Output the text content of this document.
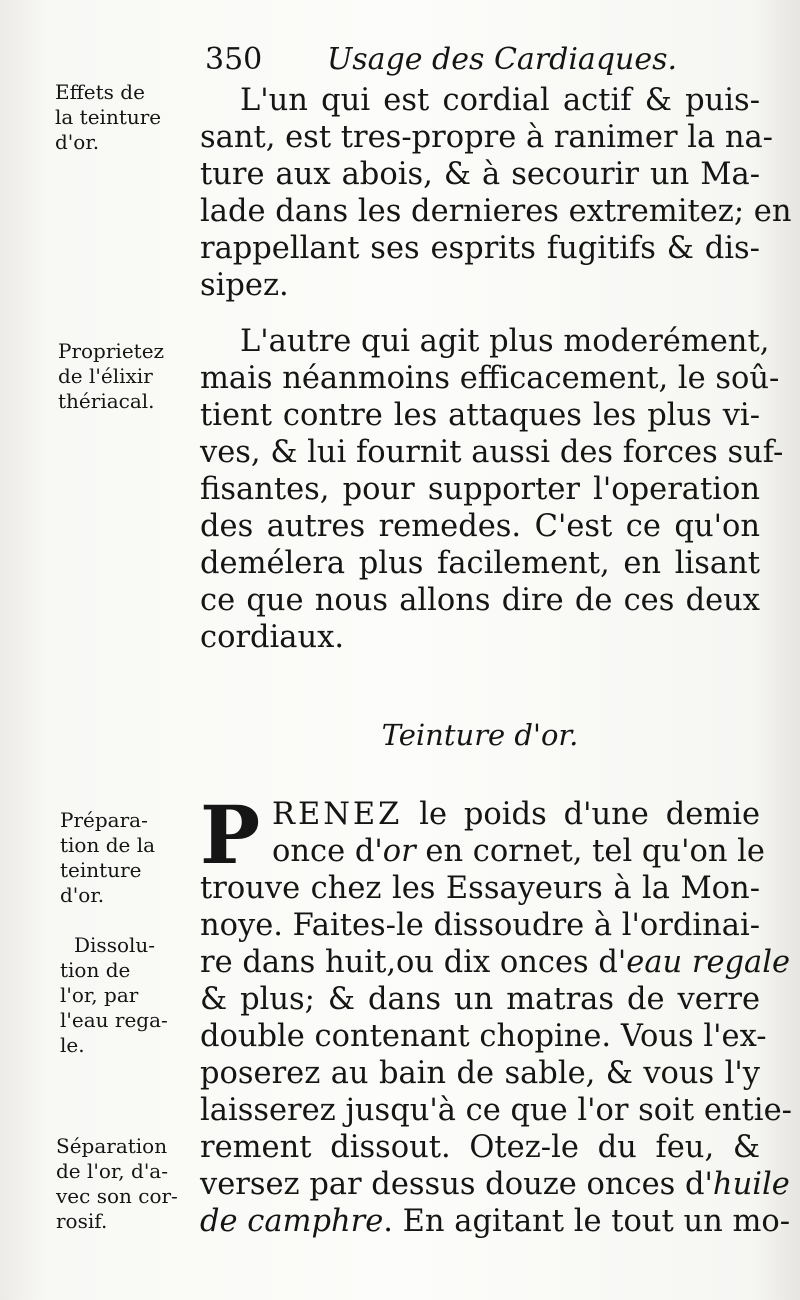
350 Usage des Cardiaques.
Effets de
la teinture
d'or.
L'un qui est cordial actif & puis-
sant, est tres-propre à ranimer la na-
ture aux abois, & à secourir un Ma-
lade dans les dernieres extremitez; en
rappellant ses esprits fugitifs & dis-
sipez.
Proprietez
de l'élixir
thériacal.
L'autre qui agit plus moderément,
mais néanmoins efficacement, le soû-
tient contre les attaques les plus vi-
ves, & lui fournit aussi des forces suf-
fisantes, pour supporter l'operation
des autres remedes. C'est ce qu'on
demélera plus facilement, en lisant
ce que nous allons dire de ces deux
cordiaux.
Teinture d'or.
Prépara-
tion de la
teinture
d'or.
Dissolu-
tion de
l'or, par
l'eau rega-
le.
Séparation
de l'or, d'a-
vec son cor-
rosif.
P RENEZ le poids d'une demie
once d'or en cornet, tel qu'on le
trouve chez les Essayeurs à la Mon-
noye. Faites-le dissoudre à l'ordinai-
re dans huit,ou dix onces d'eau regale
& plus; & dans un matras de verre
double contenant chopine. Vous l'ex-
poserez au bain de sable, & vous l'y
laisserez jusqu'à ce que l'or soit entie-
rement dissout. Otez-le du feu, &
versez par dessus douze onces d'huile
de camphre. En agitant le tout un mo-
